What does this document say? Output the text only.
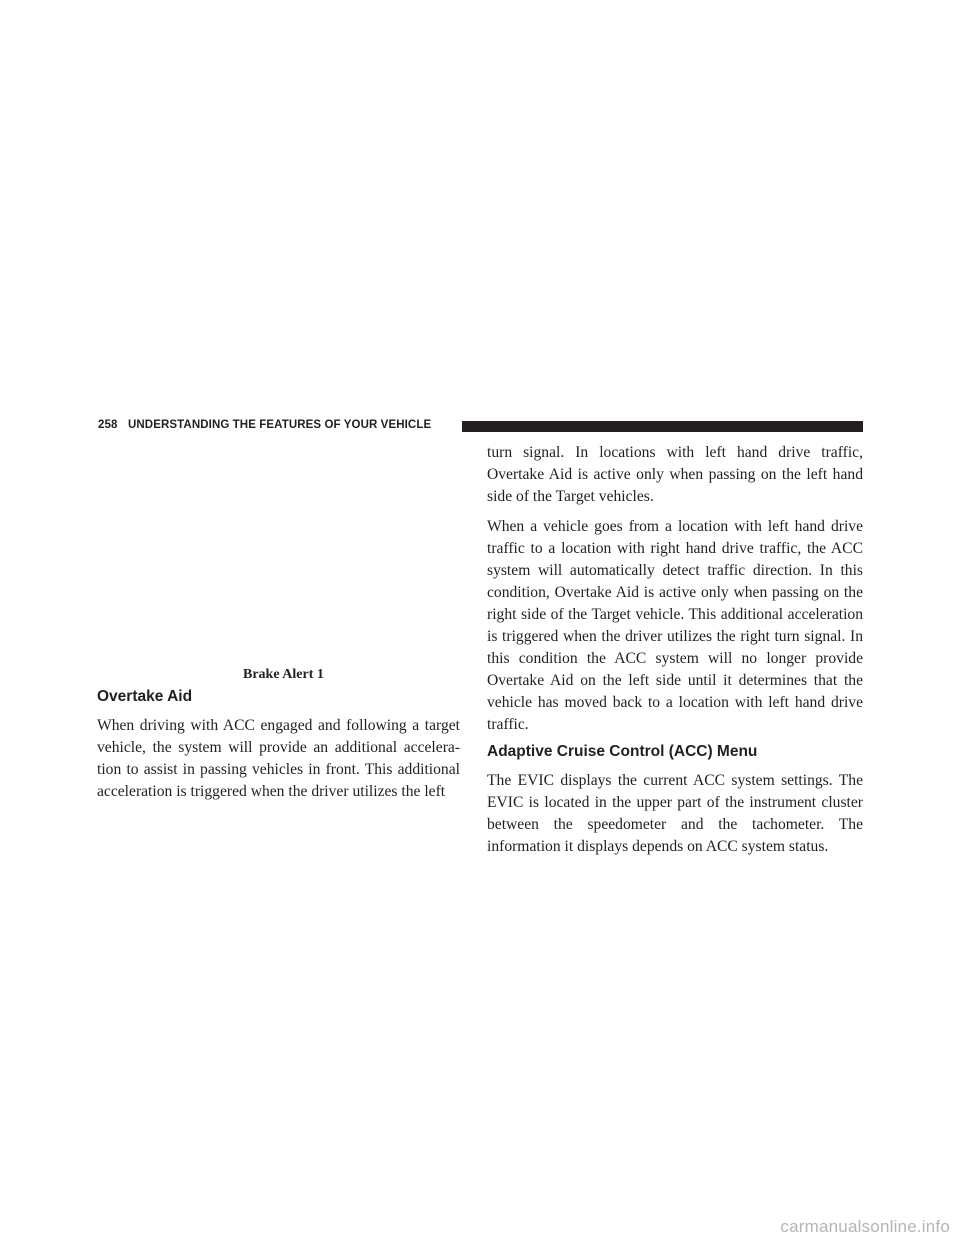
258 UNDERSTANDING THE FEATURES OF YOUR VEHICLE
Brake Alert 1
Overtake Aid

When driving with ACC engaged and following a target vehicle, the system will provide an additional accelera-tion to assist in passing vehicles in front. This additional acceleration is triggered when the driver utilizes the left

turn signal. In locations with left hand drive traffic, Overtake Aid is active only when passing on the left hand side of the Target vehicles.

When a vehicle goes from a location with left hand drive traffic to a location with right hand drive traffic, the ACC system will automatically detect traffic direction. In this condition, Overtake Aid is active only when passing on the right side of the Target vehicle. This additional acceleration is triggered when the driver utilizes the right turn signal. In this condition the ACC system will no longer provide Overtake Aid on the left side until it determines that the vehicle has moved back to a location with left hand drive traffic.

Adaptive Cruise Control (ACC) Menu

The EVIC displays the current ACC system settings. The EVIC is located in the upper part of the instrument cluster between the speedometer and the tachometer. The information it displays depends on ACC system status.

carmanualsonline.info
